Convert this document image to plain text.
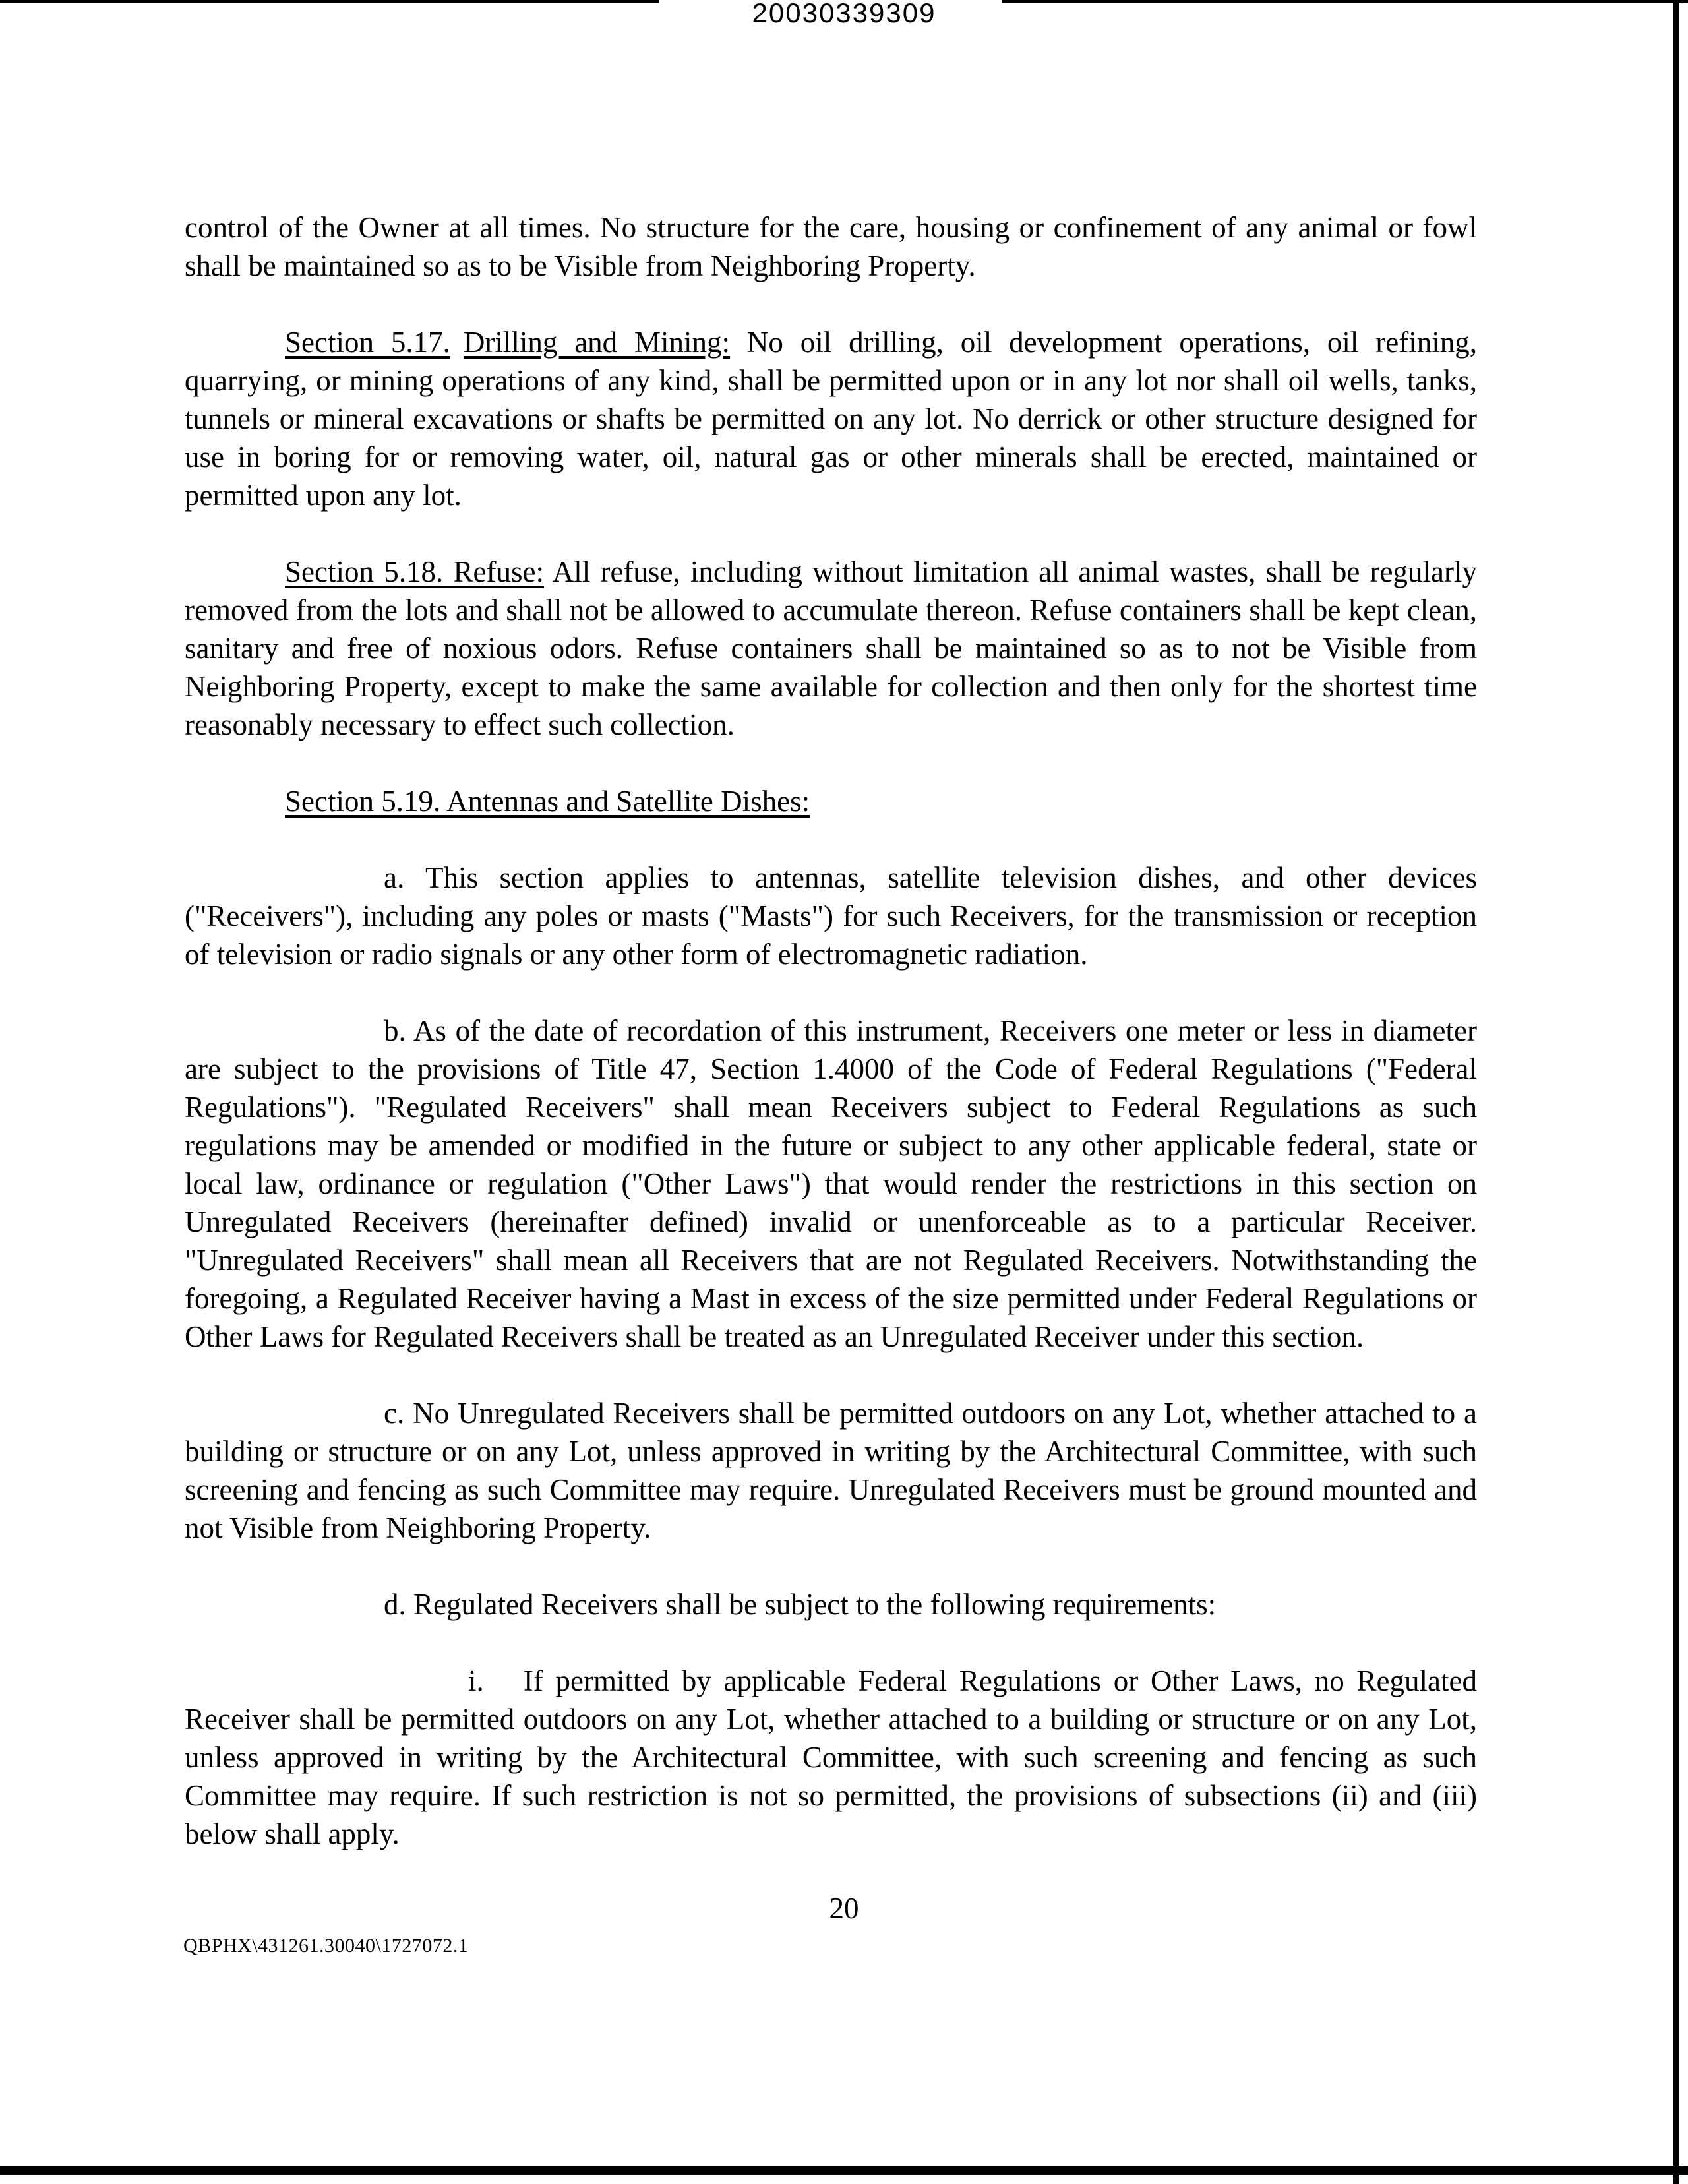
20030339309

control of the Owner at all times. No structure for the care, housing or confinement of any animal or fowl shall be maintained so as to be Visible from Neighboring Property.

Section 5.17. Drilling and Mining: No oil drilling, oil development operations, oil refining, quarrying, or mining operations of any kind, shall be permitted upon or in any lot nor shall oil wells, tanks, tunnels or mineral excavations or shafts be permitted on any lot. No derrick or other structure designed for use in boring for or removing water, oil, natural gas or other minerals shall be erected, maintained or permitted upon any lot.

Section 5.18. Refuse: All refuse, including without limitation all animal wastes, shall be regularly removed from the lots and shall not be allowed to accumulate thereon. Refuse containers shall be kept clean, sanitary and free of noxious odors. Refuse containers shall be maintained so as to not be Visible from Neighboring Property, except to make the same available for collection and then only for the shortest time reasonably necessary to effect such collection.

Section 5.19. Antennas and Satellite Dishes:

a. This section applies to antennas, satellite television dishes, and other devices ("Receivers"), including any poles or masts ("Masts") for such Receivers, for the transmission or reception of television or radio signals or any other form of electromagnetic radiation.

b. As of the date of recordation of this instrument, Receivers one meter or less in diameter are subject to the provisions of Title 47, Section 1.4000 of the Code of Federal Regulations ("Federal Regulations"). "Regulated Receivers" shall mean Receivers subject to Federal Regulations as such regulations may be amended or modified in the future or subject to any other applicable federal, state or local law, ordinance or regulation ("Other Laws") that would render the restrictions in this section on Unregulated Receivers (hereinafter defined) invalid or unenforceable as to a particular Receiver. "Unregulated Receivers" shall mean all Receivers that are not Regulated Receivers. Notwithstanding the foregoing, a Regulated Receiver having a Mast in excess of the size permitted under Federal Regulations or Other Laws for Regulated Receivers shall be treated as an Unregulated Receiver under this section.

c. No Unregulated Receivers shall be permitted outdoors on any Lot, whether attached to a building or structure or on any Lot, unless approved in writing by the Architectural Committee, with such screening and fencing as such Committee may require. Unregulated Receivers must be ground mounted and not Visible from Neighboring Property.

d. Regulated Receivers shall be subject to the following requirements:

i. If permitted by applicable Federal Regulations or Other Laws, no Regulated Receiver shall be permitted outdoors on any Lot, whether attached to a building or structure or on any Lot, unless approved in writing by the Architectural Committee, with such screening and fencing as such Committee may require. If such restriction is not so permitted, the provisions of subsections (ii) and (iii) below shall apply.

20
QBPHX\431261.30040\1727072.1
